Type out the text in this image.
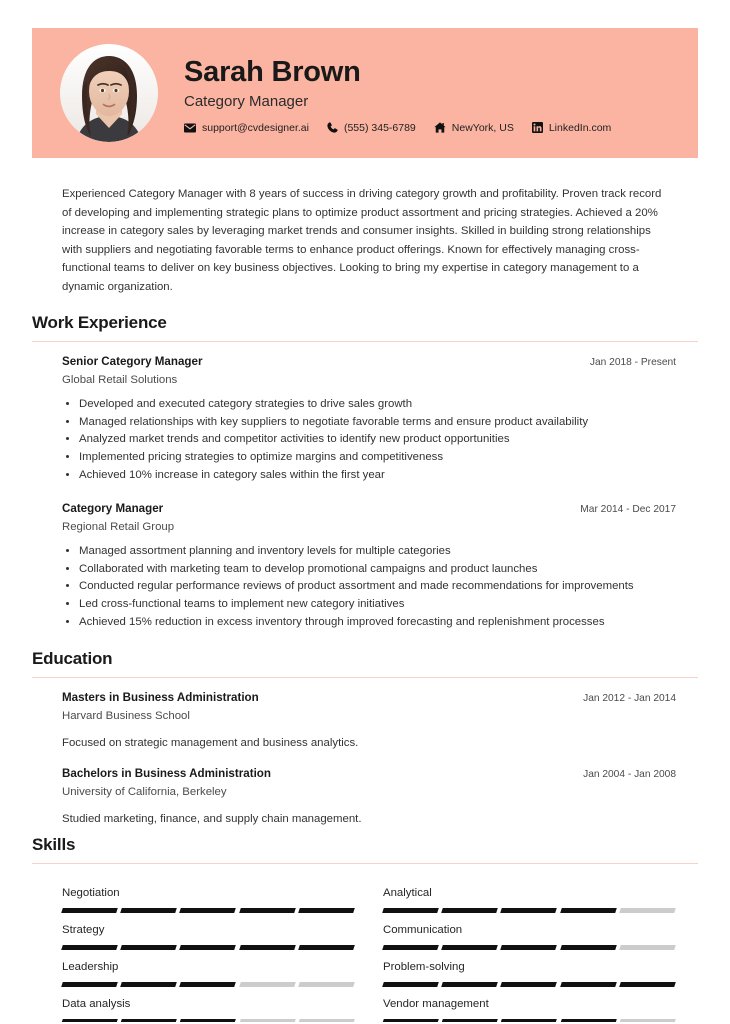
Sarah Brown
Category Manager
support@cvdesigner.ai	(555) 345-6789	NewYork, US	LinkedIn.com
Experienced Category Manager with 8 years of success in driving category growth and profitability. Proven track record of developing and implementing strategic plans to optimize product assortment and pricing strategies. Achieved a 20% increase in category sales by leveraging market trends and consumer insights. Skilled in building strong relationships with suppliers and negotiating favorable terms to enhance product offerings. Known for effectively managing cross-functional teams to deliver on key business objectives. Looking to bring my expertise in category management to a dynamic organization.
Work Experience
Senior Category Manager	Jan 2018 - Present
Global Retail Solutions
• Developed and executed category strategies to drive sales growth
• Managed relationships with key suppliers to negotiate favorable terms and ensure product availability
• Analyzed market trends and competitor activities to identify new product opportunities
• Implemented pricing strategies to optimize margins and competitiveness
• Achieved 10% increase in category sales within the first year
Category Manager	Mar 2014 - Dec 2017
Regional Retail Group
• Managed assortment planning and inventory levels for multiple categories
• Collaborated with marketing team to develop promotional campaigns and product launches
• Conducted regular performance reviews of product assortment and made recommendations for improvements
• Led cross-functional teams to implement new category initiatives
• Achieved 15% reduction in excess inventory through improved forecasting and replenishment processes
Education
Masters in Business Administration	Jan 2012 - Jan 2014
Harvard Business School
Focused on strategic management and business analytics.
Bachelors in Business Administration	Jan 2004 - Jan 2008
University of California, Berkeley
Studied marketing, finance, and supply chain management.
Skills
Negotiation	Analytical
Strategy	Communication
Leadership	Problem-solving
Data analysis	Vendor management
